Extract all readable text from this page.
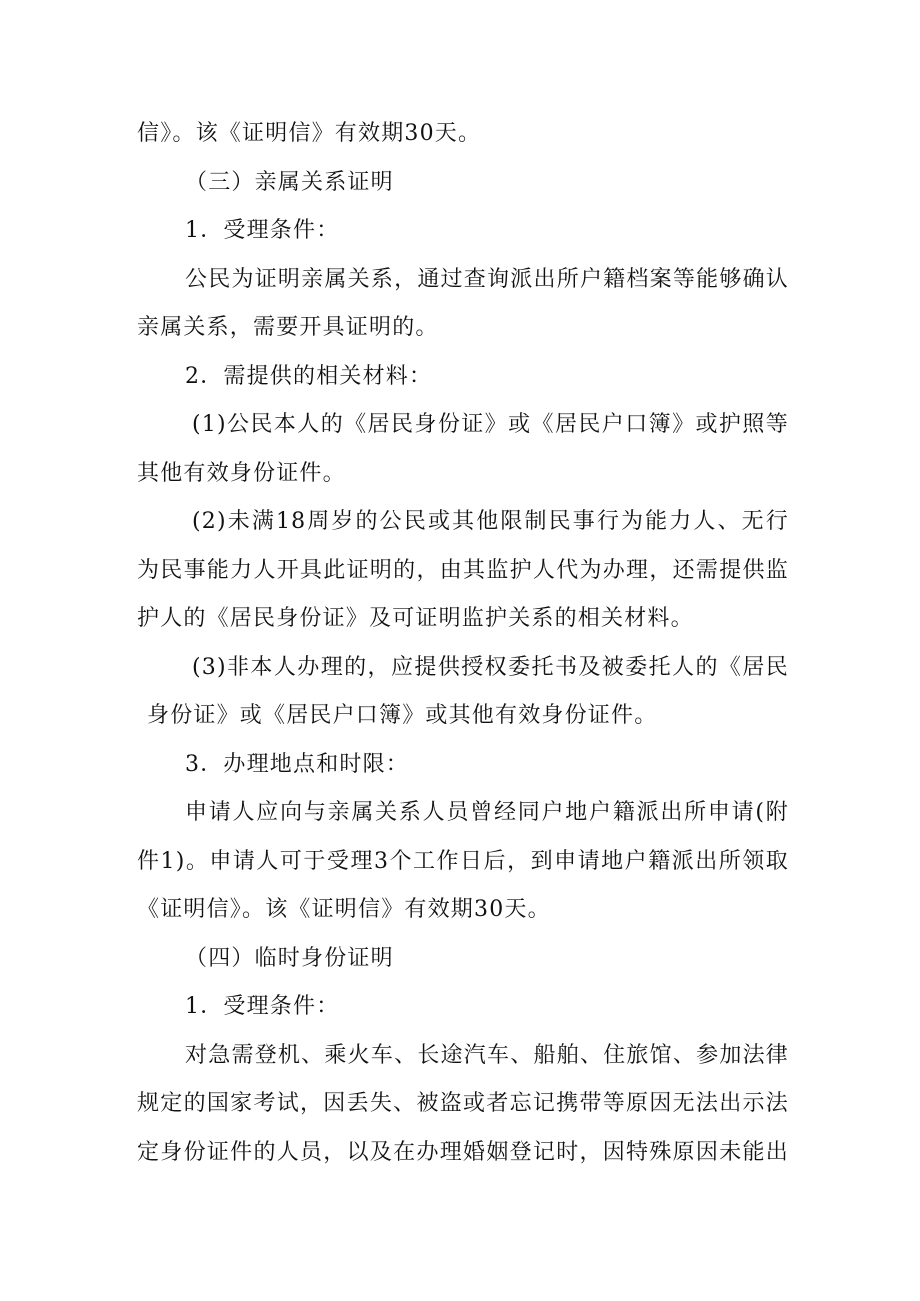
信》。该《证明信》有效期30天。
（三）亲属关系证明
1．受理条件：
公民为证明亲属关系，通过查询派出所户籍档案等能够确认
亲属关系，需要开具证明的。
2．需提供的相关材料：
(1)公民本人的《居民身份证》或《居民户口簿》或护照等
其他有效身份证件。
(2)未满18周岁的公民或其他限制民事行为能力人、无行
为民事能力人开具此证明的，由其监护人代为办理，还需提供监
护人的《居民身份证》及可证明监护关系的相关材料。
(3)非本人办理的，应提供授权委托书及被委托人的《居民
身份证》或《居民户口簿》或其他有效身份证件。
3．办理地点和时限：
申请人应向与亲属关系人员曾经同户地户籍派出所申请(附
件1)。申请人可于受理3个工作日后，到申请地户籍派出所领取
《证明信》。该《证明信》有效期30天。
（四）临时身份证明
1．受理条件：
对急需登机、乘火车、长途汽车、船舶、住旅馆、参加法律
规定的国家考试，因丢失、被盗或者忘记携带等原因无法出示法
定身份证件的人员，以及在办理婚姻登记时，因特殊原因未能出
